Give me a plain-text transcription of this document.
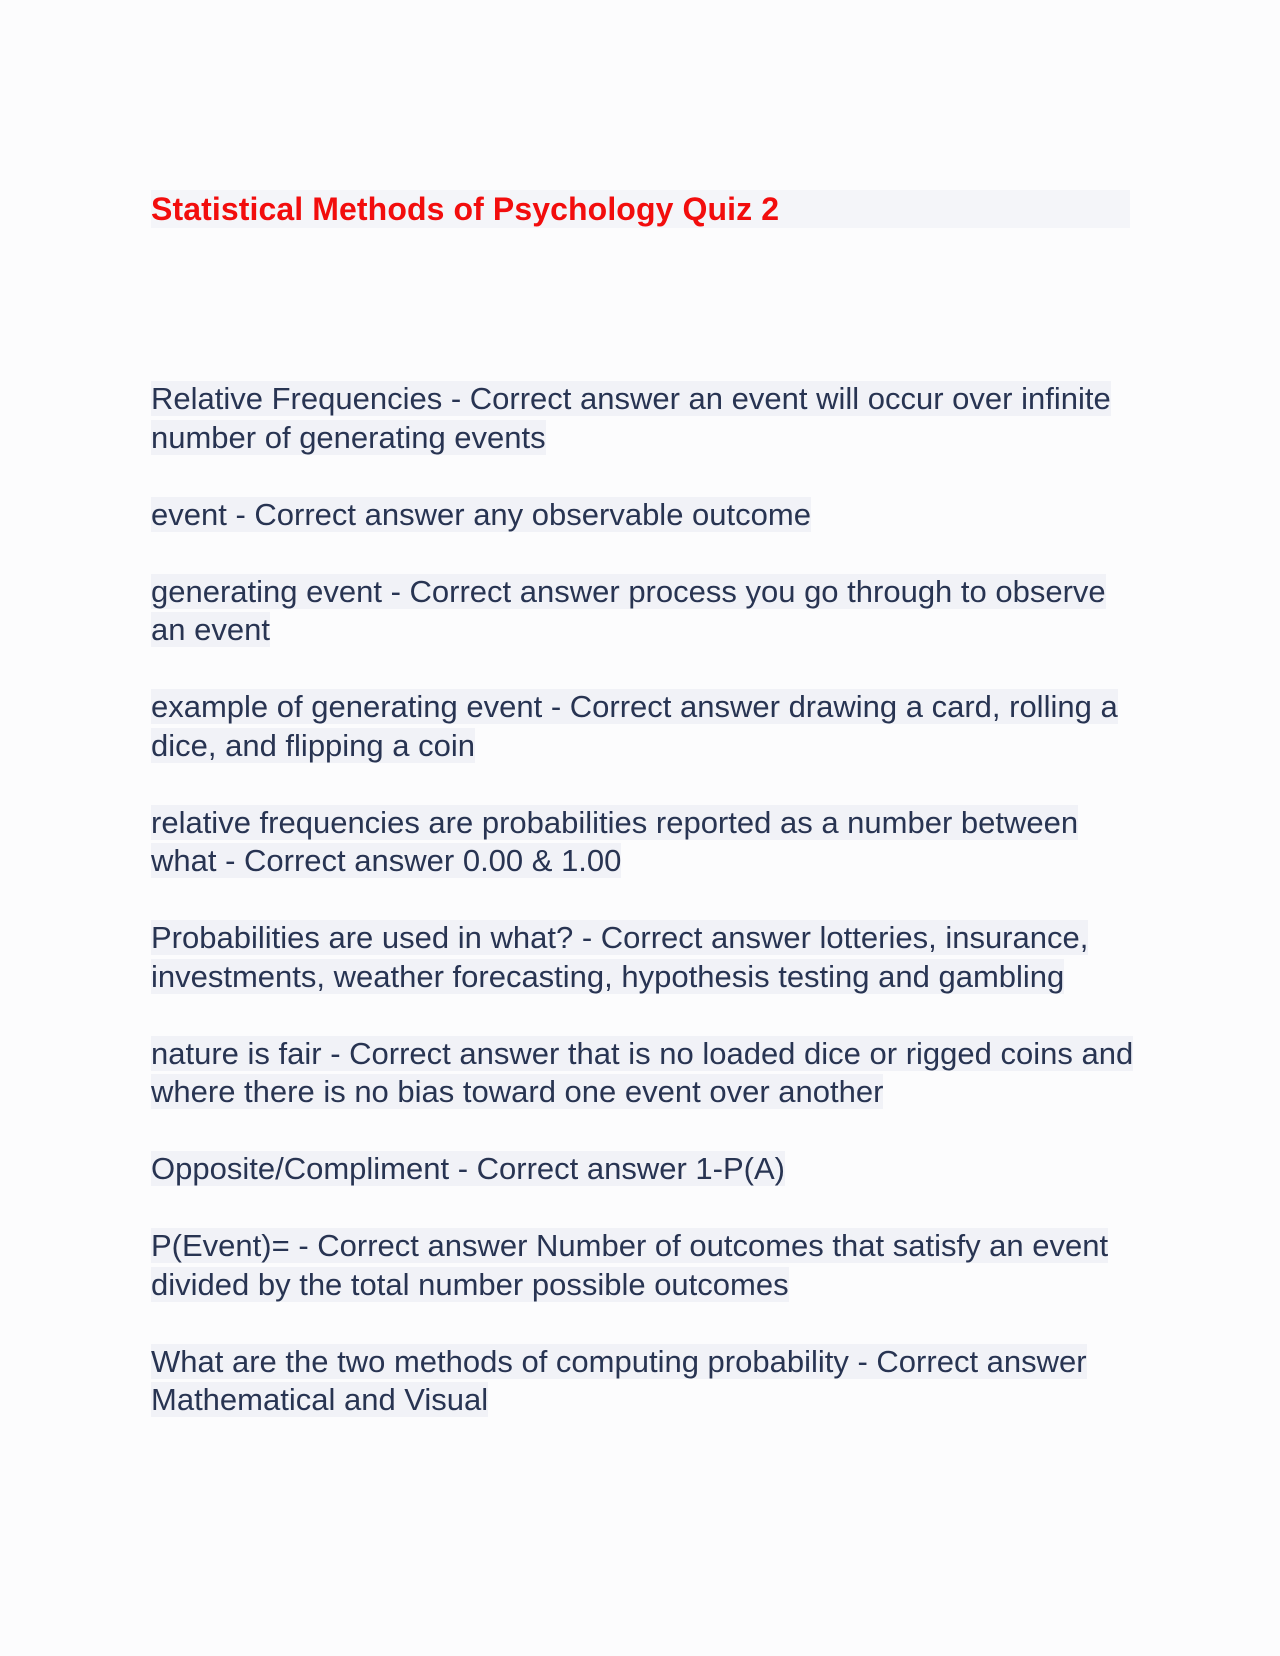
Statistical Methods of Psychology Quiz 2
Relative Frequencies - Correct answer an event will occur over infinite number of generating events
event - Correct answer any observable outcome
generating event - Correct answer process you go through to observe an event
example of generating event - Correct answer drawing a card, rolling a dice, and flipping a coin
relative frequencies are probabilities reported as a number between what - Correct answer 0.00 & 1.00
Probabilities are used in what? - Correct answer lotteries, insurance, investments, weather forecasting, hypothesis testing and gambling
nature is fair - Correct answer that is no loaded dice or rigged coins and where there is no bias toward one event over another
Opposite/Compliment - Correct answer 1-P(A)
P(Event)= - Correct answer Number of outcomes that satisfy an event divided by the total number possible outcomes
What are the two methods of computing probability - Correct answer Mathematical and Visual
